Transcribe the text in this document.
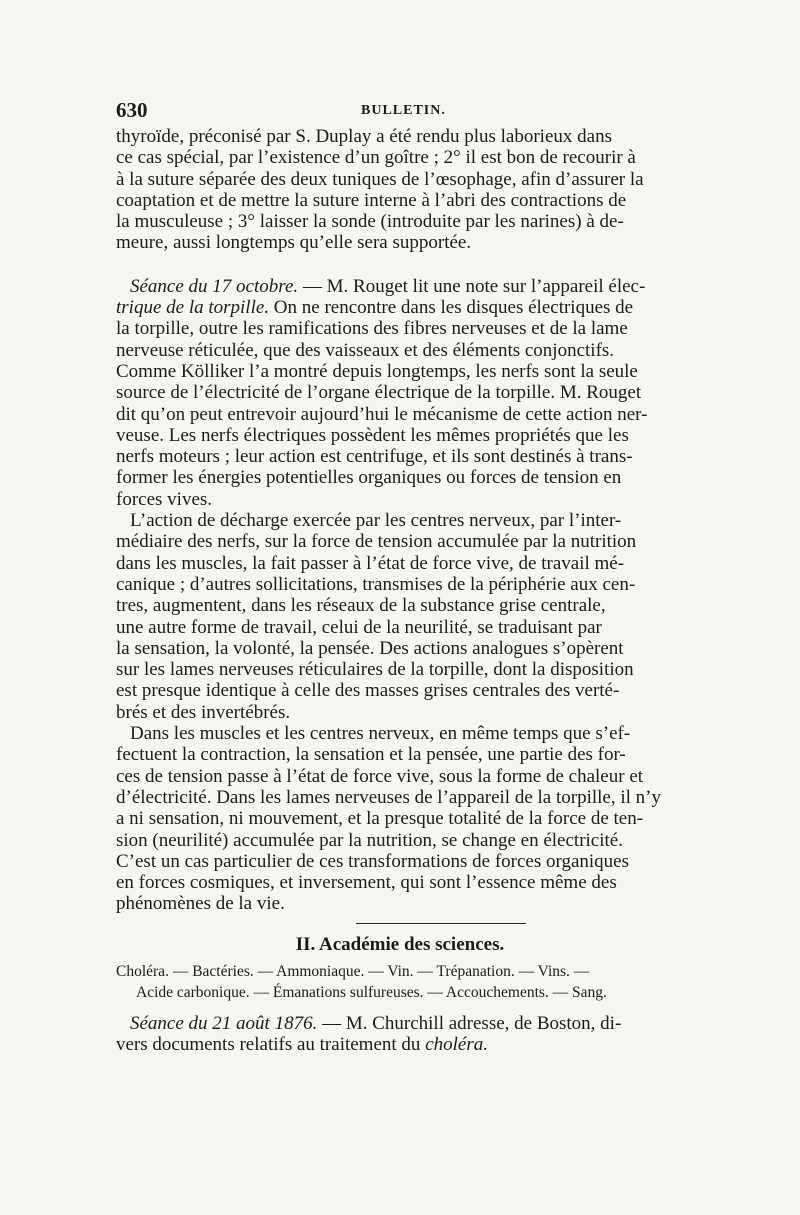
630	BULLETIN.
thyroïde, préconisé par S. Duplay a été rendu plus laborieux dans
ce cas spécial, par l’existence d’un goître ; 2° il est bon de recourir à
à la suture séparée des deux tuniques de l’œsophage, afin d’assurer la
coaptation et de mettre la suture interne à l’abri des contractions de
la musculeuse ; 3° laisser la sonde (introduite par les narines) à de-
meure, aussi longtemps qu’elle sera supportée.
Séance du 17 octobre. — M. Rouget lit une note sur l’appareil élec-
trique de la torpille. On ne rencontre dans les disques électriques de
la torpille, outre les ramifications des fibres nerveuses et de la lame
nerveuse réticulée, que des vaisseaux et des éléments conjonctifs.
Comme Kölliker l’a montré depuis longtemps, les nerfs sont la seule
source de l’électricité de l’organe électrique de la torpille. M. Rouget
dit qu’on peut entrevoir aujourd’hui le mécanisme de cette action ner-
veuse. Les nerfs électriques possèdent les mêmes propriétés que les
nerfs moteurs ; leur action est centrifuge, et ils sont destinés à trans-
former les énergies potentielles organiques ou forces de tension en
forces vives.
L’action de décharge exercée par les centres nerveux, par l’inter-
médiaire des nerfs, sur la force de tension accumulée par la nutrition
dans les muscles, la fait passer à l’état de force vive, de travail mé-
canique ; d’autres sollicitations, transmises de la périphérie aux cen-
tres, augmentent, dans les réseaux de la substance grise centrale,
une autre forme de travail, celui de la neurilité, se traduisant par
la sensation, la volonté, la pensée. Des actions analogues s’opèrent
sur les lames nerveuses réticulaires de la torpille, dont la disposition
est presque identique à celle des masses grises centrales des verté-
brés et des invertébrés.
Dans les muscles et les centres nerveux, en même temps que s’ef-
fectuent la contraction, la sensation et la pensée, une partie des for-
ces de tension passe à l’état de force vive, sous la forme de chaleur et
d’électricité. Dans les lames nerveuses de l’appareil de la torpille, il n’y
a ni sensation, ni mouvement, et la presque totalité de la force de ten-
sion (neurilité) accumulée par la nutrition, se change en électricité.
C’est un cas particulier de ces transformations de forces organiques
en forces cosmiques, et inversement, qui sont l’essence même des
phénomènes de la vie.
II. Académie des sciences.
Choléra. — Bactéries. — Ammoniaque. — Vin. — Trépanation. — Vins. —
Acide carbonique. — Émanations sulfureuses. — Accouchements. — Sang.
Séance du 21 août 1876. — M. Churchill adresse, de Boston, di-
vers documents relatifs au traitement du choléra.
